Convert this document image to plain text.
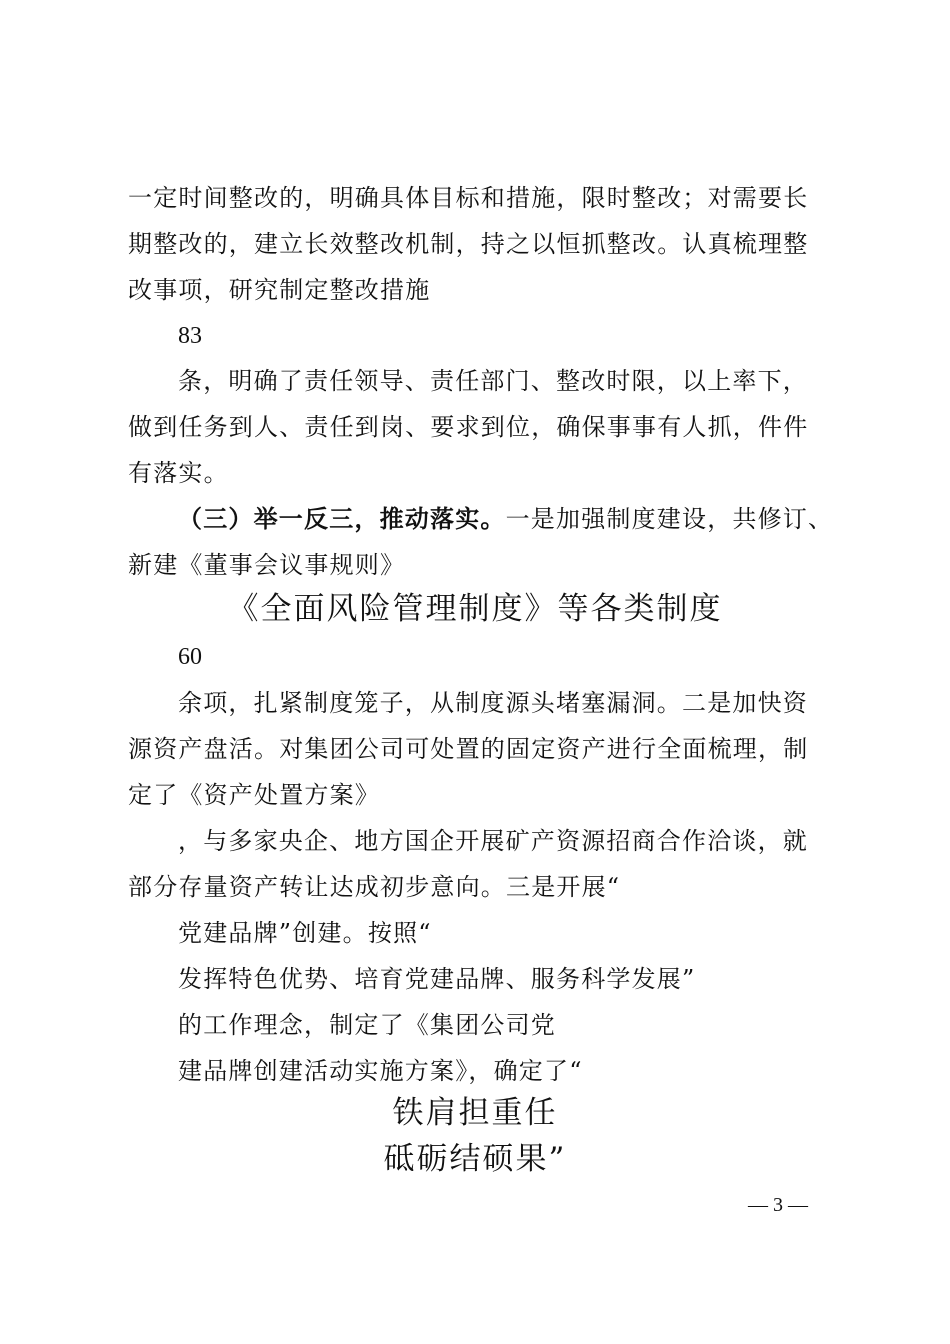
一定时间整改的，明确具体目标和措施，限时整改；对需要长
期整改的，建立长效整改机制，持之以恒抓整改。认真梳理整
改事项，研究制定整改措施
83
条，明确了责任领导、责任部门、整改时限，以上率下，
做到任务到人、责任到岗、要求到位，确保事事有人抓，件件
有落实。
（三）举一反三，推动落实。一是加强制度建设，共修订、
新建《董事会议事规则》
《全面风险管理制度》等各类制度
60
余项，扎紧制度笼子，从制度源头堵塞漏洞。二是加快资
源资产盘活。对集团公司可处置的固定资产进行全面梳理，制
定了《资产处置方案》
，与多家央企、地方国企开展矿产资源招商合作洽谈，就
部分存量资产转让达成初步意向。三是开展“
党建品牌”创建。按照“
发挥特色优势、培育党建品牌、服务科学发展”
的工作理念，制定了《集团公司党
建品牌创建活动实施方案》，确定了“
铁肩担重任
砥砺结硕果”
— 3 —
